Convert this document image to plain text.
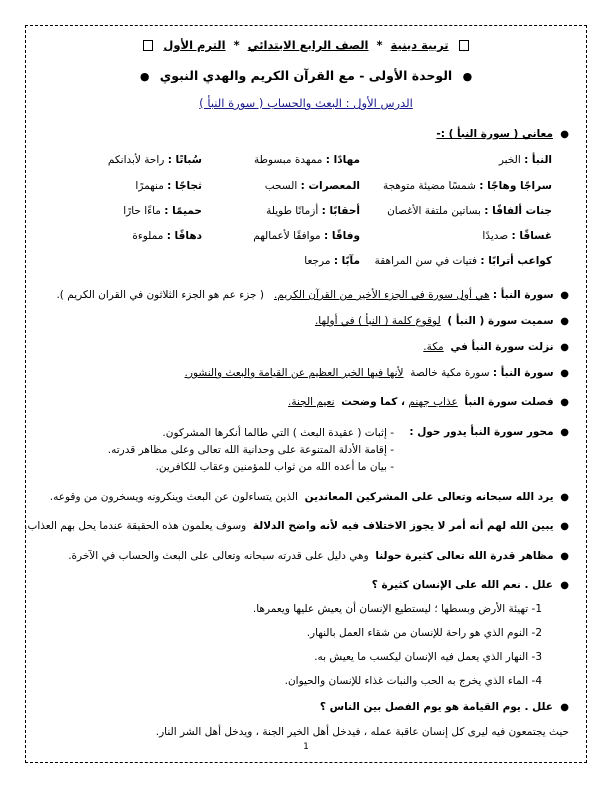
تربية دينية  *  الصف الرابع الابتدائي  *  الترم الأول
● الوحدة الأولى - مع القرآن الكريم والهدي النبوي ●
الدرس الأول : البعث والحساب ( سورة النبأ )
●  معاني ( سورة النبأ ) :-
النبأ : الخبر
مهادًا : ممهدة مبسوطة
سُباتًا : راحة لأبدانكم
سراجًا وهاجًا : شمسًا مضيئة متوهجة
المعصرات : السحب
ثجاجًا : منهمرًا
جنات ألفافًا : بساتين ملتفة الأغصان
أحقابًا : أزمانًا طويلة
حميمًا : ماءًا حارًا
غساقًا : صديدًا
وفاقًا : موافقًا لأعمالهم
دهاقًا : مملوءة
كواعب أترابًا : فتيات في سن المراهقة
مآبًا : مرجعا
●  سورة النبأ : هي أول سورة في الجزء الأخير من القرآن الكريم.   ( جزء عم هو الجزء الثلاثون في القران الكريم ).
●  سميت سورة ( النبأ )  لوقوع كلمة ( النبأ ) في أولها.
●  نزلت سورة النبأ في  مكة.
●  سورة النبأ : سورة مكية خالصة  لأنها فيها الخبر العظيم عن القيامة والبعث والنشور.
●  فصلت سورة النبأ  عذاب جهنم ، كما وضحت  نعيم الجنة.
●  محور سورة النبأ يدور حول :
- إثبات ( عقيدة البعث ) التي طالما أنكرها المشركون.
- إقامة الأدلة المتنوعة على وحدانية الله تعالى وعلى مظاهر قدرته.
- بيان ما أعده الله من ثواب للمؤمنين وعقاب للكافرين.
●  يرد الله سبحانه وتعالى على المشركين المعاندين  الذين يتساءلون عن البعث وينكرونه ويسخرون من وقوعه.
●  يبين الله لهم أنه أمر لا يجوز الاختلاف فيه لأنه واضح الدلالة  وسوف يعلمون هذه الحقيقة عندما يحل بهم العذاب.
●  مظاهر قدرة الله تعالى كثيرة حولنا  وهي دليل على قدرته سبحانه وتعالى على البعث والحساب في الآخرة.
●  علل . نعم الله على الإنسان كثيرة ؟
1- تهيئة الأرض وبسطها ؛ ليستطيع الإنسان أن يعيش عليها ويعمرها.
2- النوم الذي هو راحة للإنسان من شقاء العمل بالنهار.
3- النهار الذي يعمل فيه الإنسان ليكسب ما يعيش به.
4- الماء الذي يخرج به الحب والنبات غذاء للإنسان والحيوان.
●  علل . يوم القيامة هو يوم الفصل بين الناس ؟
حيث يجتمعون فيه ليرى كل إنسان عاقبة عمله ، فيدخل أهل الخير الجنة ، ويدخل أهل الشر النار.
1
